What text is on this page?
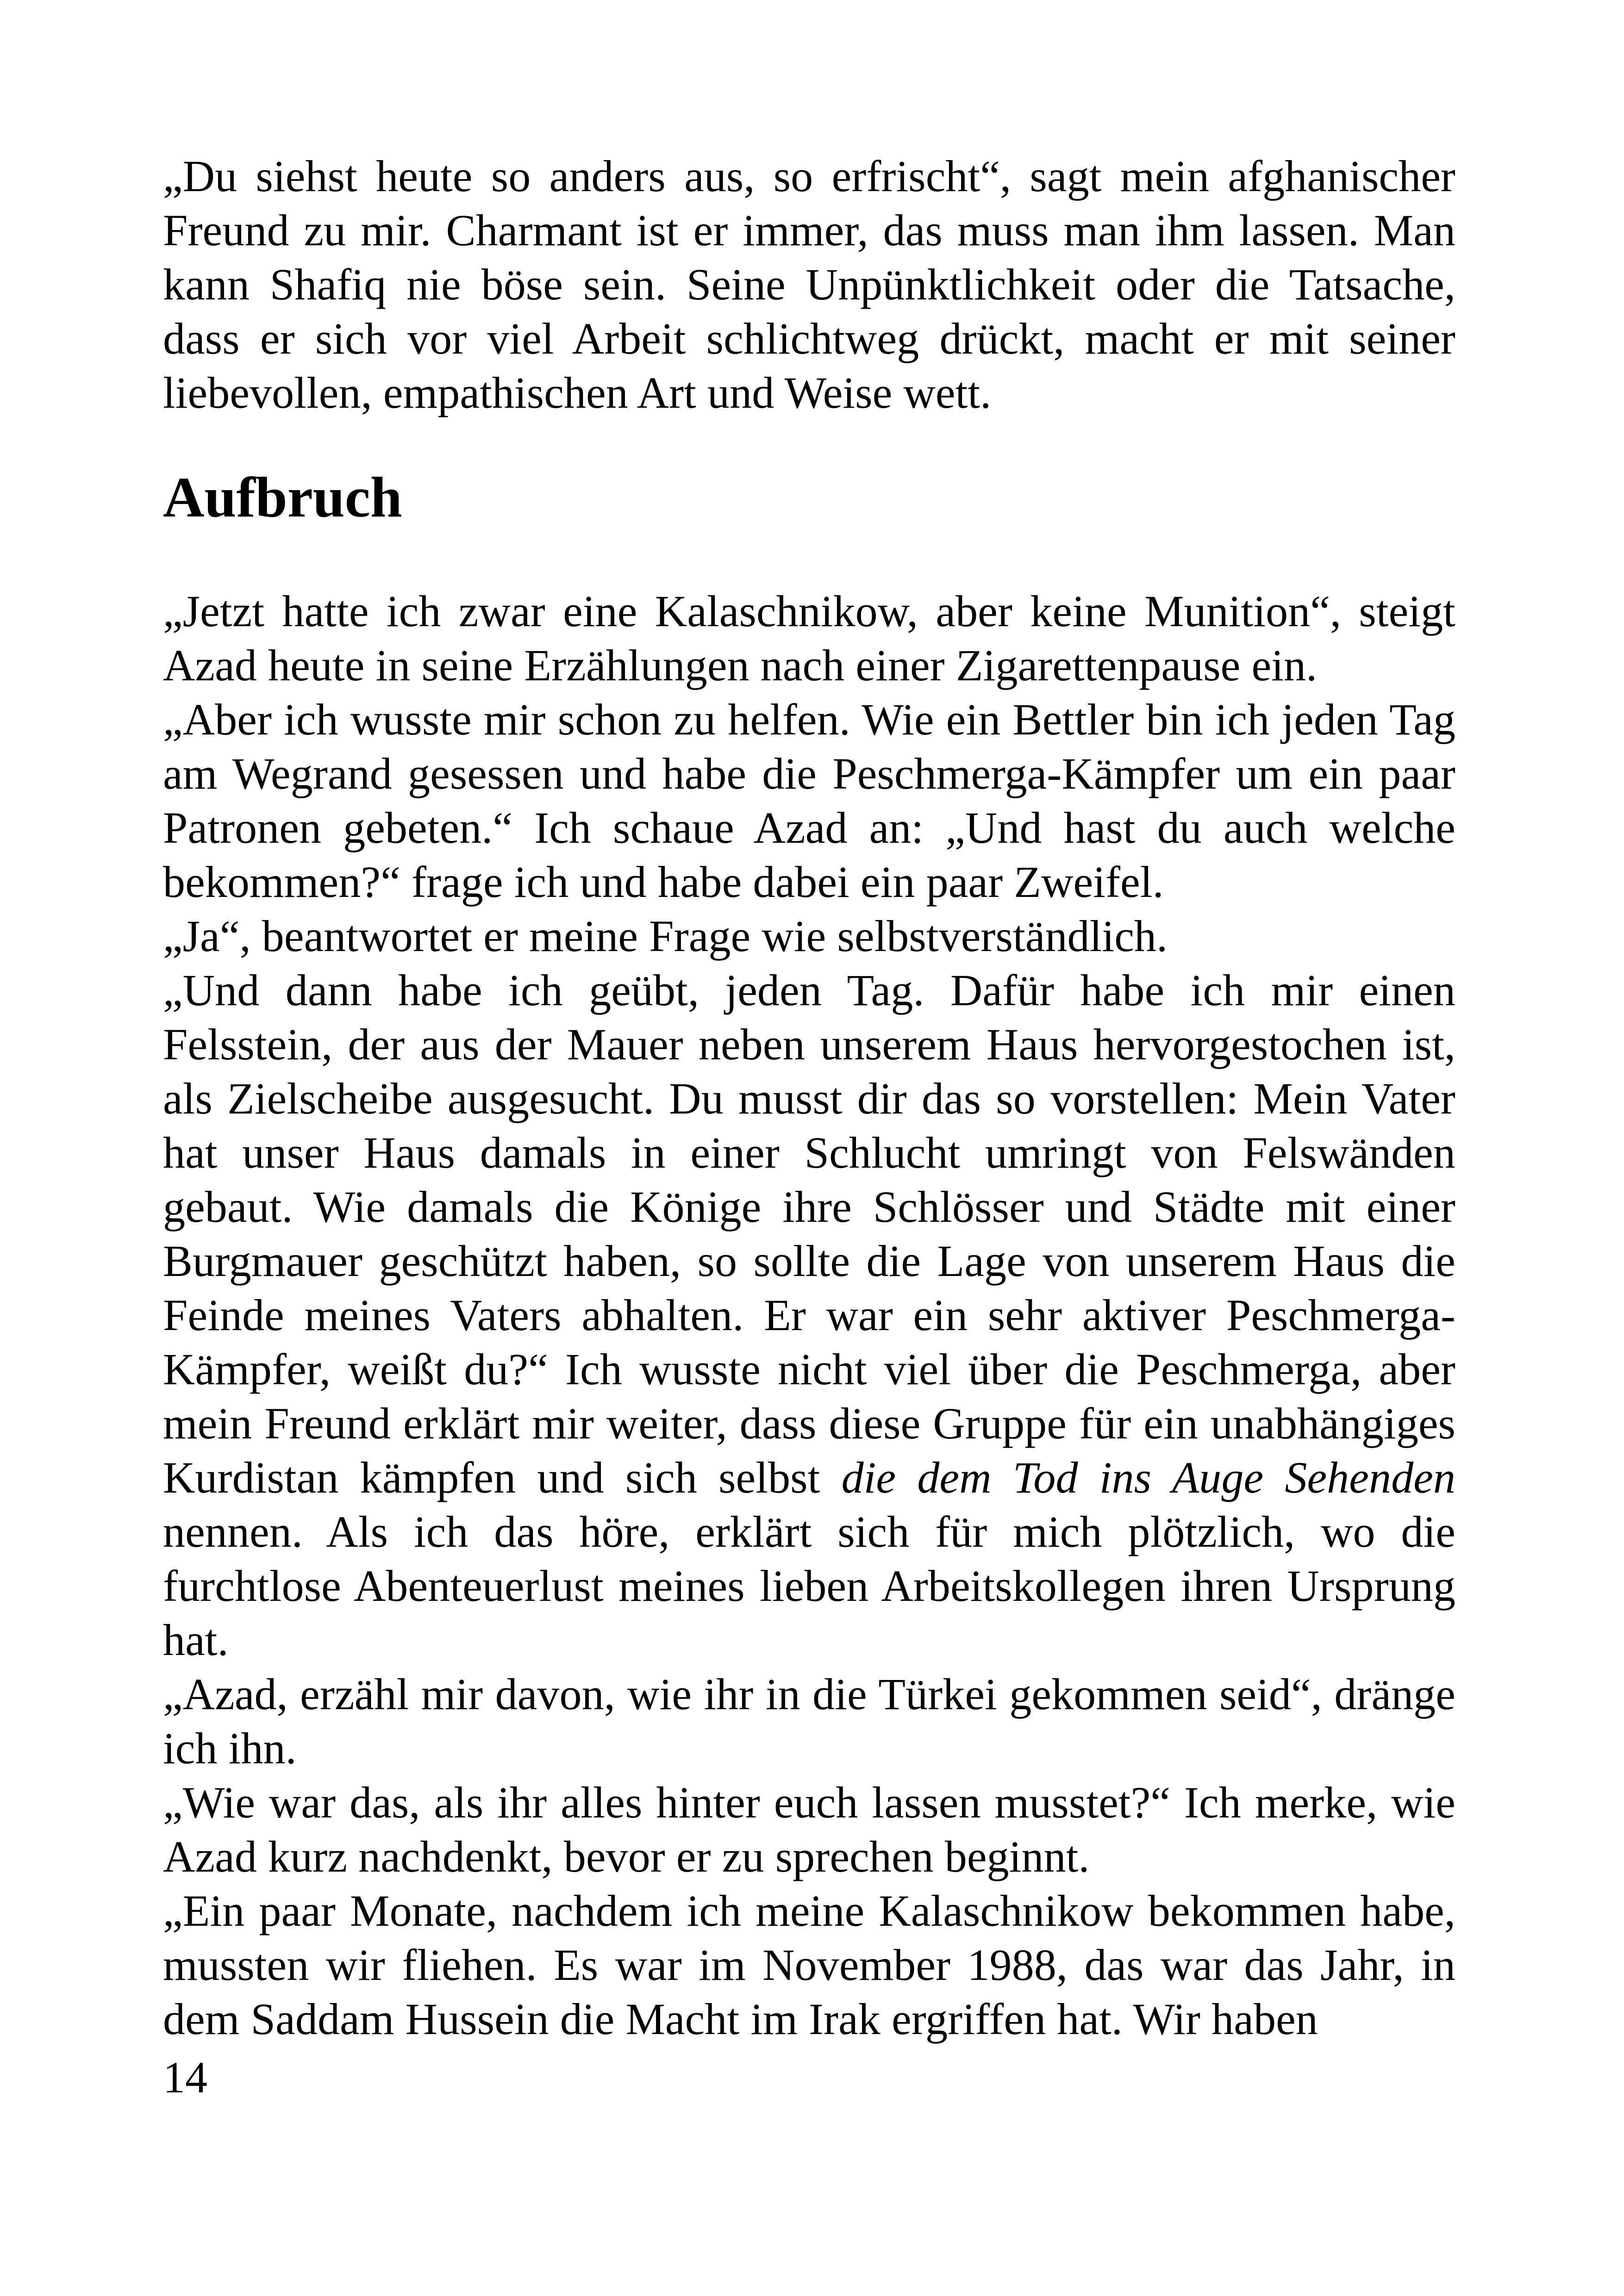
„Du siehst heute so anders aus, so erfrischt“, sagt mein afghanischer Freund zu mir. Charmant ist er immer, das muss man ihm lassen. Man kann Shafiq nie böse sein. Seine Unpünktlichkeit oder die Tatsache, dass er sich vor viel Arbeit schlichtweg drückt, macht er mit seiner liebevollen, empathischen Art und Weise wett.

Aufbruch

„Jetzt hatte ich zwar eine Kalaschnikow, aber keine Munition“, steigt Azad heute in seine Erzählungen nach einer Zigarettenpause ein.

„Aber ich wusste mir schon zu helfen. Wie ein Bettler bin ich jeden Tag am Wegrand gesessen und habe die Peschmerga-Kämpfer um ein paar Patronen gebeten.“ Ich schaue Azad an: „Und hast du auch welche bekommen?“ frage ich und habe dabei ein paar Zweifel.

„Ja“, beantwortet er meine Frage wie selbstverständlich.

„Und dann habe ich geübt, jeden Tag. Dafür habe ich mir einen Felsstein, der aus der Mauer neben unserem Haus hervorgestochen ist, als Zielscheibe ausgesucht. Du musst dir das so vorstellen: Mein Vater hat unser Haus damals in einer Schlucht umringt von Felswänden gebaut. Wie damals die Könige ihre Schlösser und Städte mit einer Burgmauer geschützt haben, so sollte die Lage von unserem Haus die Feinde meines Vaters abhalten. Er war ein sehr aktiver Peschmerga-Kämpfer, weißt du?“ Ich wusste nicht viel über die Peschmerga, aber mein Freund erklärt mir weiter, dass diese Gruppe für ein unabhängiges Kurdistan kämpfen und sich selbst die dem Tod ins Auge Sehenden nennen. Als ich das höre, erklärt sich für mich plötzlich, wo die furchtlose Abenteuerlust meines lieben Arbeitskollegen ihren Ursprung hat.

„Azad, erzähl mir davon, wie ihr in die Türkei gekommen seid“, dränge ich ihn.

„Wie war das, als ihr alles hinter euch lassen musstet?“ Ich merke, wie Azad kurz nachdenkt, bevor er zu sprechen beginnt.

„Ein paar Monate, nachdem ich meine Kalaschnikow bekommen habe, mussten wir fliehen. Es war im November 1988, das war das Jahr, in dem Saddam Hussein die Macht im Irak ergriffen hat. Wir haben

14
